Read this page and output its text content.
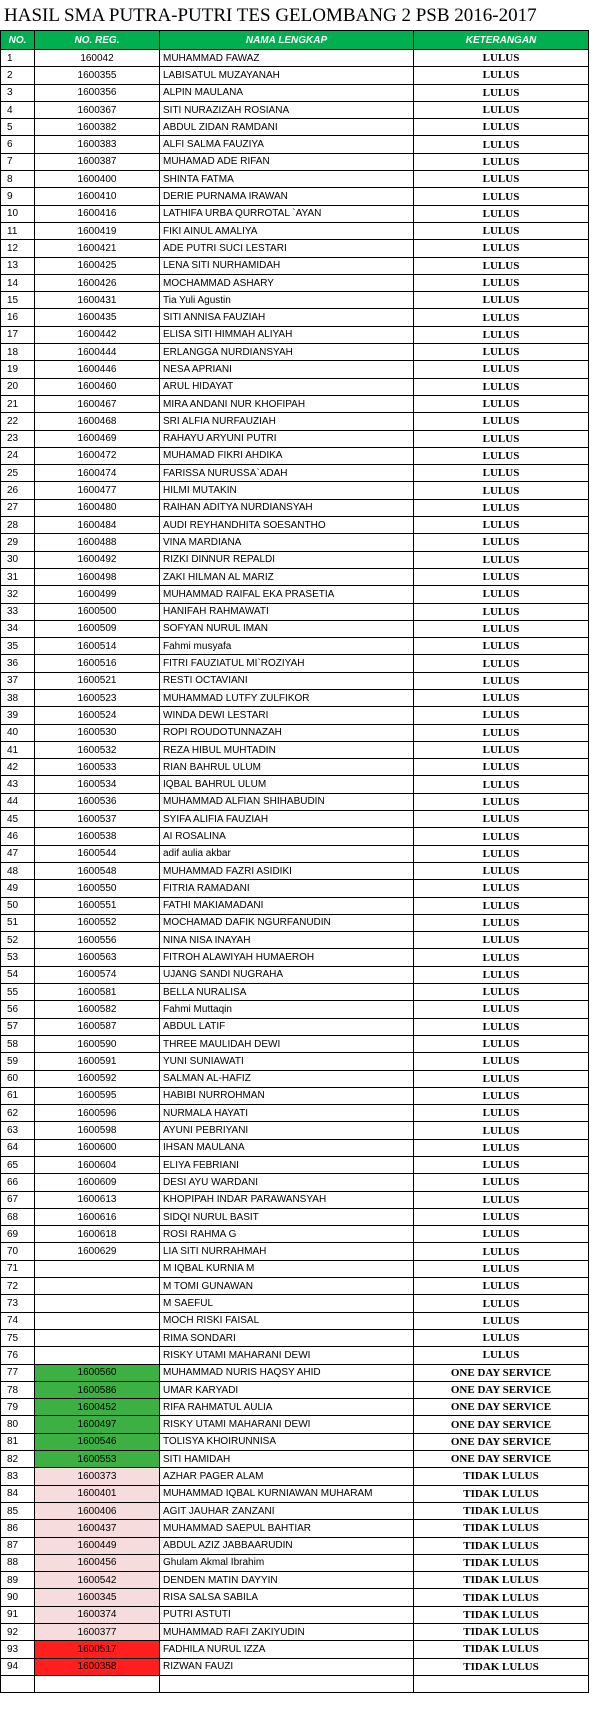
HASIL SMA PUTRA-PUTRI TES GELOMBANG 2 PSB 2016-2017
NO.	NO. REG.	NAMA LENGKAP	KETERANGAN	
1	160042	MUHAMMAD FAWAZ	LULUS	
2	1600355	LABISATUL MUZAYANAH	LULUS	
3	1600356	ALPIN MAULANA	LULUS	
4	1600367	SITI NURAZIZAH ROSIANA	LULUS	
5	1600382	ABDUL ZIDAN RAMDANI	LULUS	
6	1600383	ALFI SALMA FAUZIYA	LULUS	
7	1600387	MUHAMAD ADE RIFAN	LULUS	
8	1600400	SHINTA FATMA	LULUS	
9	1600410	DERIE PURNAMA IRAWAN	LULUS	
10	1600416	LATHIFA URBA QURROTAL `AYAN	LULUS	
11	1600419	FIKI AINUL AMALIYA	LULUS	
12	1600421	ADE PUTRI SUCI LESTARI	LULUS	
13	1600425	LENA SITI NURHAMIDAH	LULUS	
14	1600426	MOCHAMMAD ASHARY	LULUS	
15	1600431	Tia Yuli Agustin	LULUS	
16	1600435	SITI ANNISA FAUZIAH	LULUS	
17	1600442	ELISA SITI HIMMAH ALIYAH	LULUS	
18	1600444	ERLANGGA NURDIANSYAH	LULUS	
19	1600446	NESA APRIANI	LULUS	
20	1600460	ARUL HIDAYAT	LULUS	
21	1600467	MIRA ANDANI NUR KHOFIPAH	LULUS	
22	1600468	SRI ALFIA NURFAUZIAH	LULUS	
23	1600469	RAHAYU ARYUNI PUTRI	LULUS	
24	1600472	MUHAMAD FIKRI AHDIKA	LULUS	
25	1600474	FARISSA NURUSSA`ADAH	LULUS	
26	1600477	HILMI MUTAKIN	LULUS	
27	1600480	RAIHAN ADITYA NURDIANSYAH	LULUS	
28	1600484	AUDI REYHANDHITA SOESANTHO	LULUS	
29	1600488	VINA MARDIANA	LULUS	
30	1600492	RIZKI DINNUR REPALDI	LULUS	
31	1600498	ZAKI HILMAN AL MARIZ	LULUS	
32	1600499	MUHAMMAD RAIFAL EKA PRASETIA	LULUS	
33	1600500	HANIFAH RAHMAWATI	LULUS	
34	1600509	SOFYAN NURUL IMAN	LULUS	
35	1600514	Fahmi musyafa	LULUS	
36	1600516	FITRI FAUZIATUL MI`ROZIYAH	LULUS	
37	1600521	RESTI OCTAVIANI	LULUS	
38	1600523	MUHAMMAD LUTFY ZULFIKOR	LULUS	
39	1600524	WINDA DEWI LESTARI	LULUS	
40	1600530	ROPI ROUDOTUNNAZAH	LULUS	
41	1600532	REZA HIBUL MUHTADIN	LULUS	
42	1600533	RIAN BAHRUL ULUM	LULUS	
43	1600534	IQBAL BAHRUL ULUM	LULUS	
44	1600536	MUHAMMAD ALFIAN SHIHABUDIN	LULUS	
45	1600537	SYIFA ALIFIA FAUZIAH	LULUS	
46	1600538	AI ROSALINA	LULUS	
47	1600544	adif aulia akbar	LULUS	
48	1600548	MUHAMMAD FAZRI ASIDIKI	LULUS	
49	1600550	FITRIA RAMADANI	LULUS	
50	1600551	FATHI MAKIAMADANI	LULUS	
51	1600552	MOCHAMAD DAFIK NGURFANUDIN	LULUS	
52	1600556	NINA NISA INAYAH	LULUS	
53	1600563	FITROH ALAWIYAH HUMAEROH	LULUS	
54	1600574	UJANG SANDI NUGRAHA	LULUS	
55	1600581	BELLA NURALISA	LULUS	
56	1600582	Fahmi Muttaqin	LULUS	
57	1600587	ABDUL LATIF	LULUS	
58	1600590	THREE MAULIDAH DEWI	LULUS	
59	1600591	YUNI SUNIAWATI	LULUS	
60	1600592	SALMAN AL-HAFIZ	LULUS	
61	1600595	HABIBI NURROHMAN	LULUS	
62	1600596	NURMALA HAYATI	LULUS	
63	1600598	AYUNI PEBRIYANI	LULUS	
64	1600600	IHSAN MAULANA	LULUS	
65	1600604	ELIYA FEBRIANI	LULUS	
66	1600609	DESI AYU WARDANI	LULUS	
67	1600613	KHOPIPAH INDAR PARAWANSYAH	LULUS	
68	1600616	SIDQI NURUL BASIT	LULUS	
69	1600618	ROSI RAHMA G	LULUS	
70	1600629	LIA SITI NURRAHMAH	LULUS	
71		M IQBAL KURNIA M	LULUS	
72		M TOMI GUNAWAN	LULUS	
73		M SAEFUL	LULUS	
74		MOCH RISKI FAISAL	LULUS	
75		RIMA SONDARI	LULUS	
76		RISKY UTAMI MAHARANI DEWI	LULUS	
77	1600560	MUHAMMAD NURIS HAQSY AHID	ONE DAY SERVICE	
78	1600586	UMAR KARYADI	ONE DAY SERVICE	
79	1600452	RIFA RAHMATUL AULIA	ONE DAY SERVICE	
80	1600497	RISKY UTAMI MAHARANI DEWI	ONE DAY SERVICE	
81	1600546	TOLISYA KHOIRUNNISA	ONE DAY SERVICE	
82	1600553	SITI HAMIDAH	ONE DAY SERVICE	
83	1600373	AZHAR PAGER ALAM	TIDAK LULUS	
84	1600401	MUHAMMAD IQBAL KURNIAWAN MUHARAM	TIDAK LULUS	
85	1600406	AGIT JAUHAR ZANZANI	TIDAK LULUS	
86	1600437	MUHAMMAD SAEPUL BAHTIAR	TIDAK LULUS	
87	1600449	ABDUL AZIZ JABBAARUDIN	TIDAK LULUS	
88	1600456	Ghulam Akmal Ibrahim	TIDAK LULUS	
89	1600542	DENDEN MATIN DAYYIN	TIDAK LULUS	
90	1600345	RISA SALSA SABILA	TIDAK LULUS	
91	1600374	PUTRI ASTUTI	TIDAK LULUS	
92	1600377	MUHAMMAD RAFI ZAKIYUDIN	TIDAK LULUS	
93	1600517	FADHILA NURUL IZZA	TIDAK LULUS	
94	1600358	RIZWAN FAUZI	TIDAK LULUS	
